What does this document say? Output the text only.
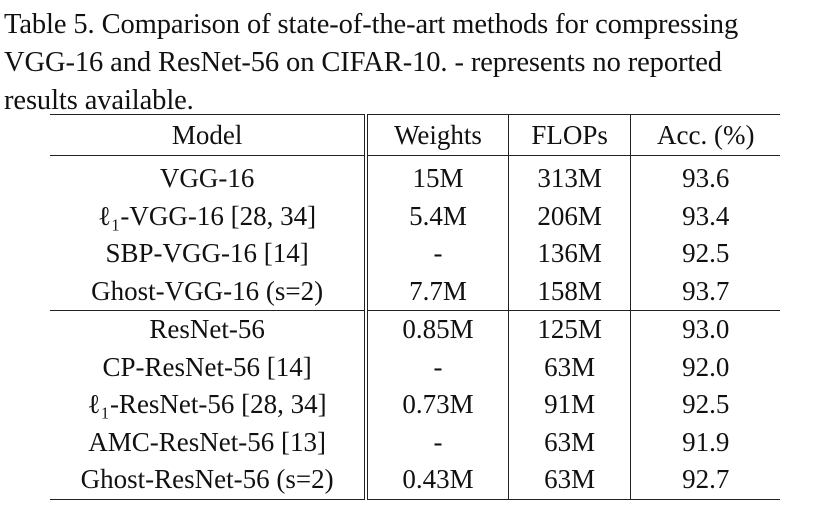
Table 5. Comparison of state-of-the-art methods for compressing
VGG-16 and ResNet-56 on CIFAR-10. - represents no reported
results available.
Model	Weights	FLOPs	Acc. (%)
VGG-16	15M	313M	93.6
ℓ₁-VGG-16 [28, 34]	5.4M	206M	93.4
SBP-VGG-16 [14]	-	136M	92.5
Ghost-VGG-16 (s=2)	7.7M	158M	93.7
ResNet-56	0.85M	125M	93.0
CP-ResNet-56 [14]	-	63M	92.0
ℓ₁-ResNet-56 [28, 34]	0.73M	91M	92.5
AMC-ResNet-56 [13]	-	63M	91.9
Ghost-ResNet-56 (s=2)	0.43M	63M	92.7
